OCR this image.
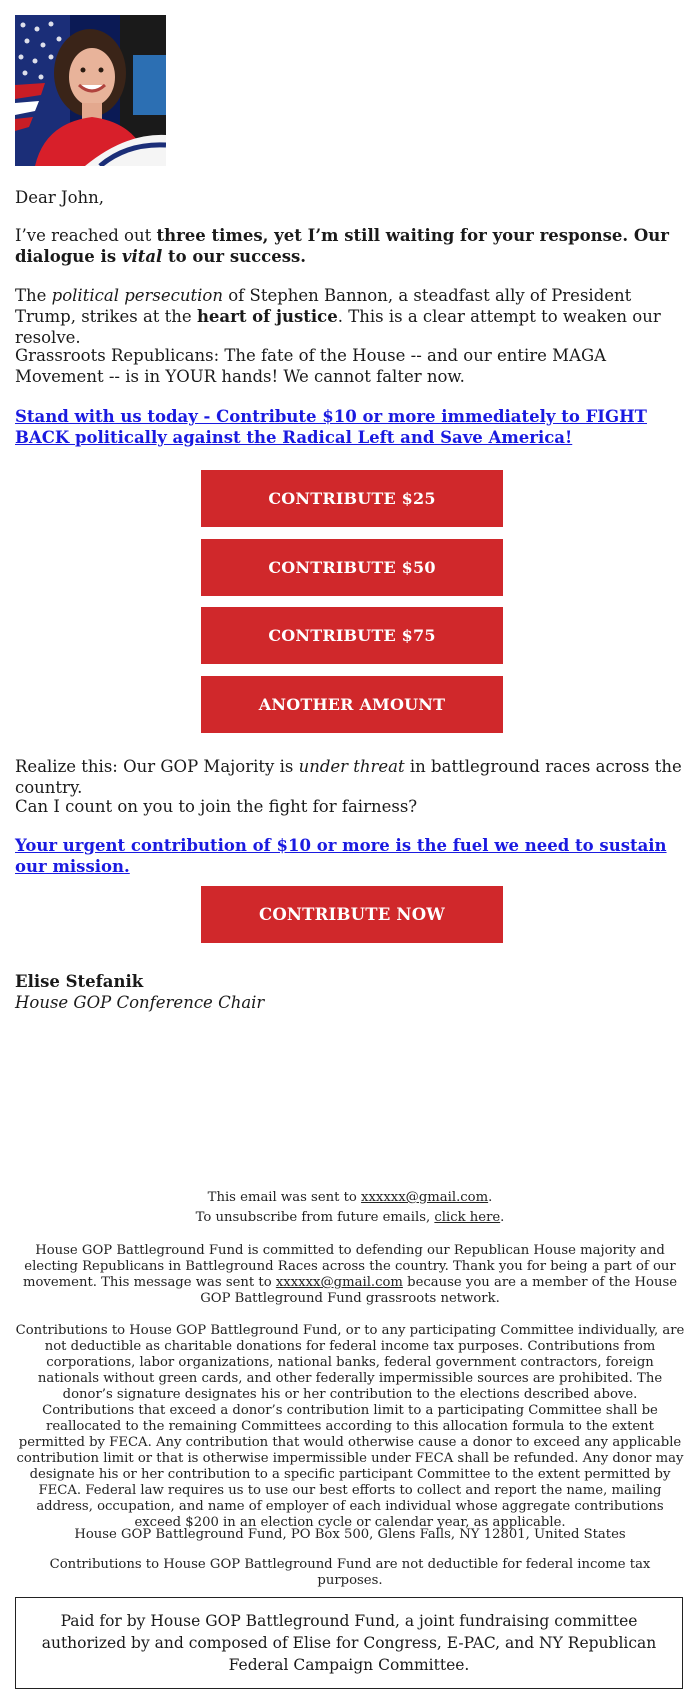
Dear John,

I’ve reached out three times, yet I’m still waiting for your response. Our dialogue is vital to our success.

The political persecution of Stephen Bannon, a steadfast ally of President Trump, strikes at the heart of justice. This is a clear attempt to weaken our resolve.

Grassroots Republicans: The fate of the House -- and our entire MAGA Movement -- is in YOUR hands! We cannot falter now.

Stand with us today - Contribute $10 or more immediately to FIGHT BACK politically against the Radical Left and Save America!
CONTRIBUTE $25
CONTRIBUTE $50
CONTRIBUTE $75
ANOTHER AMOUNT

Realize this: Our GOP Majority is under threat in battleground races across the country.

Can I count on you to join the fight for fairness?

Your urgent contribution of $10 or more is the fuel we need to sustain our mission.
CONTRIBUTE NOW
Elise Stefanik
House GOP Conference Chair
This email was sent to xxxxxx@gmail.com.
To unsubscribe from future emails, click here.
House GOP Battleground Fund is committed to defending our Republican House majority and electing Republicans in Battleground Races across the country. Thank you for being a part of our movement. This message was sent to xxxxxx@gmail.com because you are a member of the House GOP Battleground Fund grassroots network.
Contributions to House GOP Battleground Fund, or to any participating Committee individually, are not deductible as charitable donations for federal income tax purposes. Contributions from corporations, labor organizations, national banks, federal government contractors, foreign nationals without green cards, and other federally impermissible sources are prohibited. The donor’s signature designates his or her contribution to the elections described above. Contributions that exceed a donor’s contribution limit to a participating Committee shall be reallocated to the remaining Committees according to this allocation formula to the extent permitted by FECA. Any contribution that would otherwise cause a donor to exceed any applicable contribution limit or that is otherwise impermissible under FECA shall be refunded. Any donor may designate his or her contribution to a specific participant Committee to the extent permitted by FECA. Federal law requires us to use our best efforts to collect and report the name, mailing address, occupation, and name of employer of each individual whose aggregate contributions exceed $200 in an election cycle or calendar year, as applicable.
House GOP Battleground Fund, PO Box 500, Glens Falls, NY 12801, United States
Contributions to House GOP Battleground Fund are not deductible for federal income tax purposes.
Paid for by House GOP Battleground Fund, a joint fundraising committee authorized by and composed of Elise for Congress, E-PAC, and NY Republican Federal Campaign Committee.
